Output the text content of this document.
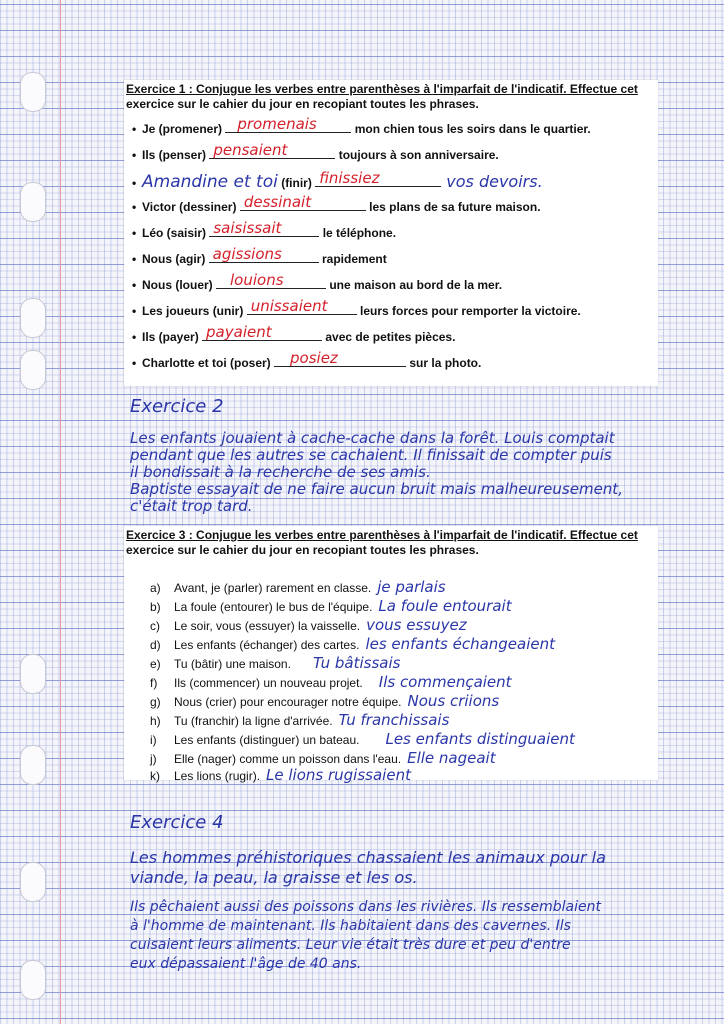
Exercice 1 : Conjugue les verbes entre parenthèses à l'imparfait de l'indicatif. Effectue cet
exercice sur le cahier du jour en recopiant toutes les phrases.
• Je (promener) promenais	mon chien tous les soirs dans le quartier.
• Ils (penser) pensaient	toujours à son anniversaire.
• Amandine et toi (finir) finissiez	vos devoirs.
• Victor (dessiner) dessinait	les plans de sa future maison.
• Léo (saisir) saisissait	le téléphone.
• Nous (agir) agissions	rapidement
• Nous (louer) louions	une maison au bord de la mer.
• Les joueurs (unir) unissaient leurs forces pour remporter la victoire.
• Ils (payer) payaient	avec de petites pièces.
• Charlotte et toi (poser) posiez	sur la photo.
Exercice 2
Les enfants jouaient à cache-cache dans la forêt. Louis comptait
pendant que les autres se cachaient. Il finissait de compter puis
il bondissait à la recherche de ses amis.
Baptiste essayait de ne faire aucun bruit mais malheureusement,
c'était trop tard.
Exercice 3 : Conjugue les verbes entre parenthèses à l'imparfait de l'indicatif. Effectue cet
exercice sur le cahier du jour en recopiant toutes les phrases.
a) Avant, je (parler) rarement en classe. je parlais
b) La foule (entourer) le bus de l'équipe. La foule entourait
c) Le soir, vous (essuyer) la vaisselle. vous essuyez
d) Les enfants (échanger) des cartes. les enfants échangeaient
e) Tu (bâtir) une maison. Tu bâtissais
f) Ils (commencer) un nouveau projet. Ils commençaient
g) Nous (crier) pour encourager notre équipe. Nous criions
h) Tu (franchir) la ligne d'arrivée. Tu franchissais
i) Les enfants (distinguer) un bateau. Les enfants distinguaient
j) Elle (nager) comme un poisson dans l'eau. Elle nageait
k) Les lions (rugir). Le lions rugissaient
Exercice 4
Les hommes préhistoriques chassaient les animaux pour la
viande, la peau, la graisse et les os.
Ils pêchaient aussi des poissons dans les rivières. Ils ressemblaient
à l'homme de maintenant. Ils habitaient dans des cavernes. Ils
cuisaient leurs aliments. Leur vie était très dure et peu d'entre
eux dépassaient l'âge de 40 ans.
